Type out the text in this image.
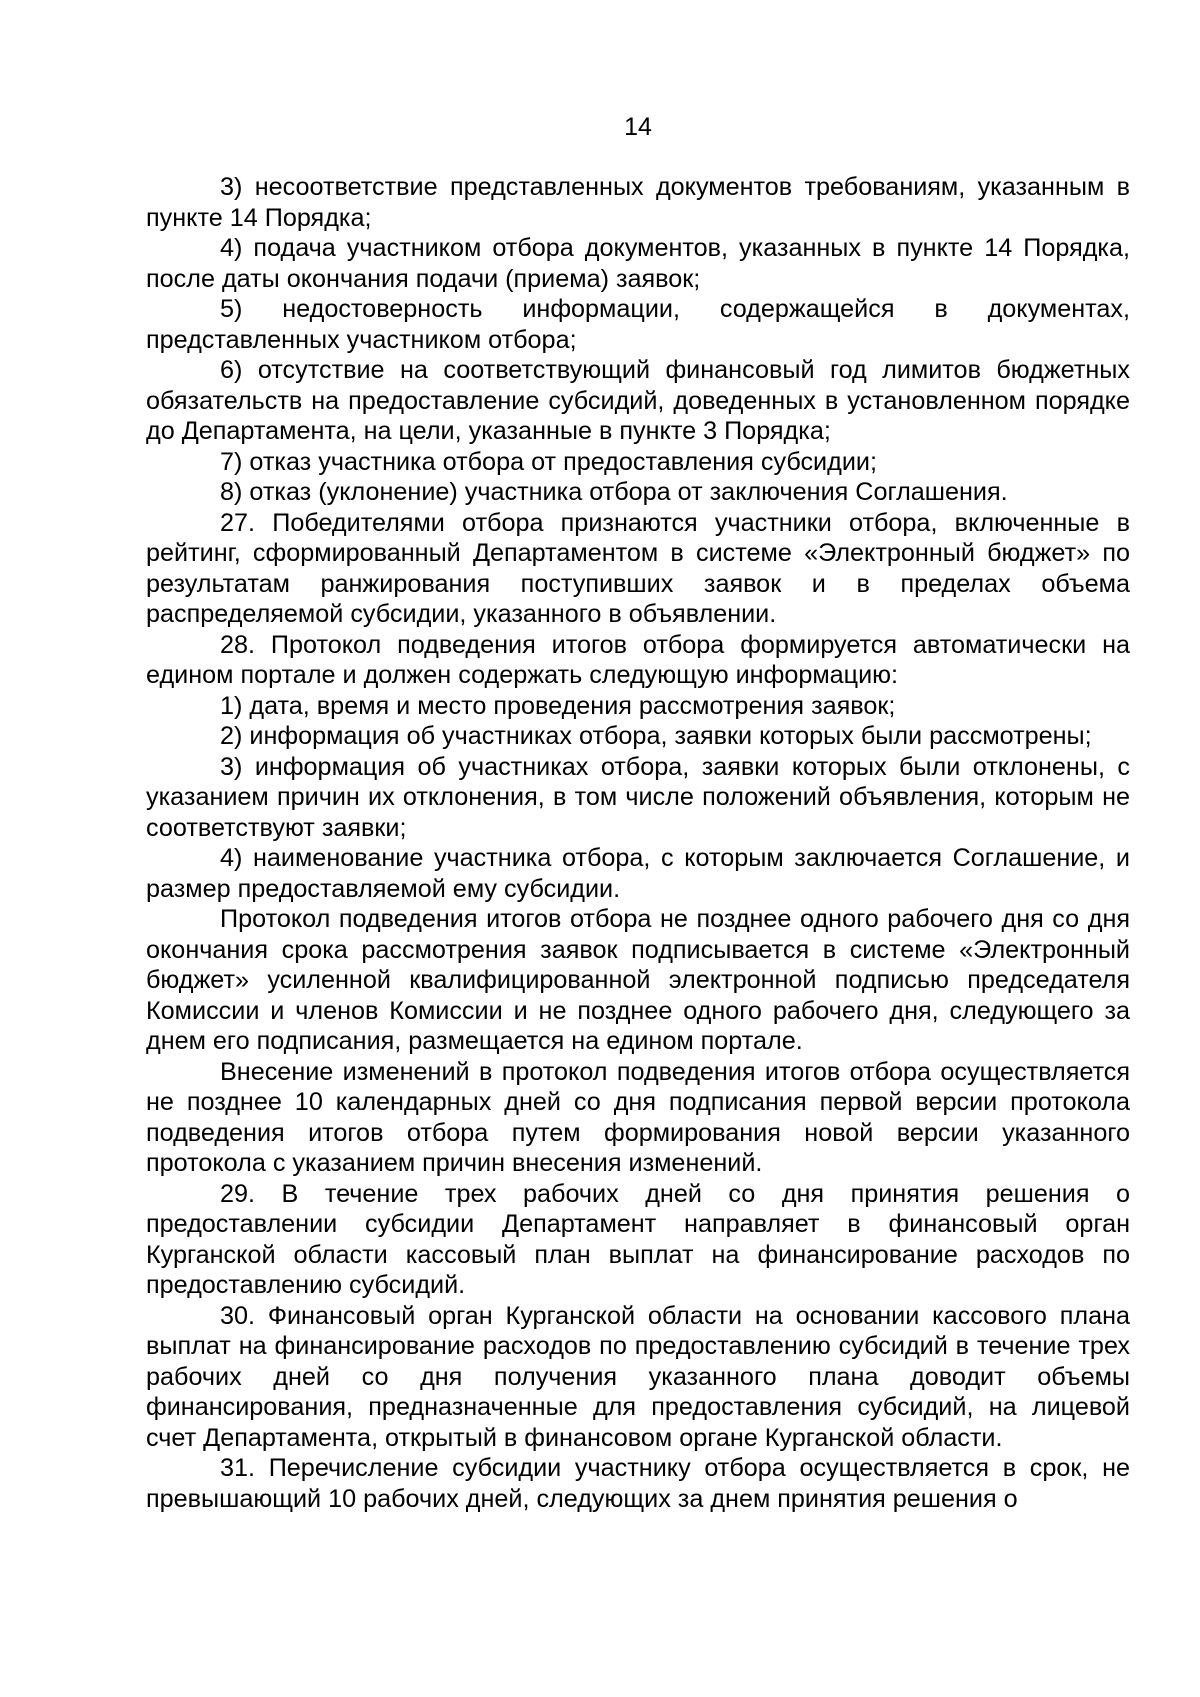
14

3) несоответствие представленных документов требованиям, указанным в пункте 14 Порядка;

4) подача участником отбора документов, указанных в пункте 14 Порядка, после даты окончания подачи (приема) заявок;

5) недостоверность информации, содержащейся в документах, представленных участником отбора;

6) отсутствие на соответствующий финансовый год лимитов бюджетных обязательств на предоставление субсидий, доведенных в установленном порядке до Департамента, на цели, указанные в пункте 3 Порядка;

7) отказ участника отбора от предоставления субсидии;

8) отказ (уклонение) участника отбора от заключения Соглашения.

27. Победителями отбора признаются участники отбора, включенные в рейтинг, сформированный Департаментом в системе «Электронный бюджет» по результатам ранжирования поступивших заявок и в пределах объема распределяемой субсидии, указанного в объявлении.

28. Протокол подведения итогов отбора формируется автоматически на едином портале и должен содержать следующую информацию:

1) дата, время и место проведения рассмотрения заявок;

2) информация об участниках отбора, заявки которых были рассмотрены;

3) информация об участниках отбора, заявки которых были отклонены, с указанием причин их отклонения, в том числе положений объявления, которым не соответствуют заявки;

4) наименование участника отбора, с которым заключается Соглашение, и размер предоставляемой ему субсидии.

Протокол подведения итогов отбора не позднее одного рабочего дня со дня окончания срока рассмотрения заявок подписывается в системе «Электронный бюджет» усиленной квалифицированной электронной подписью председателя Комиссии и членов Комиссии и не позднее одного рабочего дня, следующего за днем его подписания, размещается на едином портале.

Внесение изменений в протокол подведения итогов отбора осуществляется не позднее 10 календарных дней со дня подписания первой версии протокола подведения итогов отбора путем формирования новой версии указанного протокола с указанием причин внесения изменений.

29. В течение трех рабочих дней со дня принятия решения о предоставлении субсидии Департамент направляет в финансовый орган Курганской области кассовый план выплат на финансирование расходов по предоставлению субсидий.

30. Финансовый орган Курганской области на основании кассового плана выплат на финансирование расходов по предоставлению субсидий в течение трех рабочих дней со дня получения указанного плана доводит объемы финансирования, предназначенные для предоставления субсидий, на лицевой счет Департамента, открытый в финансовом органе Курганской области.

31. Перечисление субсидии участнику отбора осуществляется в срок, не превышающий 10 рабочих дней, следующих за днем принятия решения о
